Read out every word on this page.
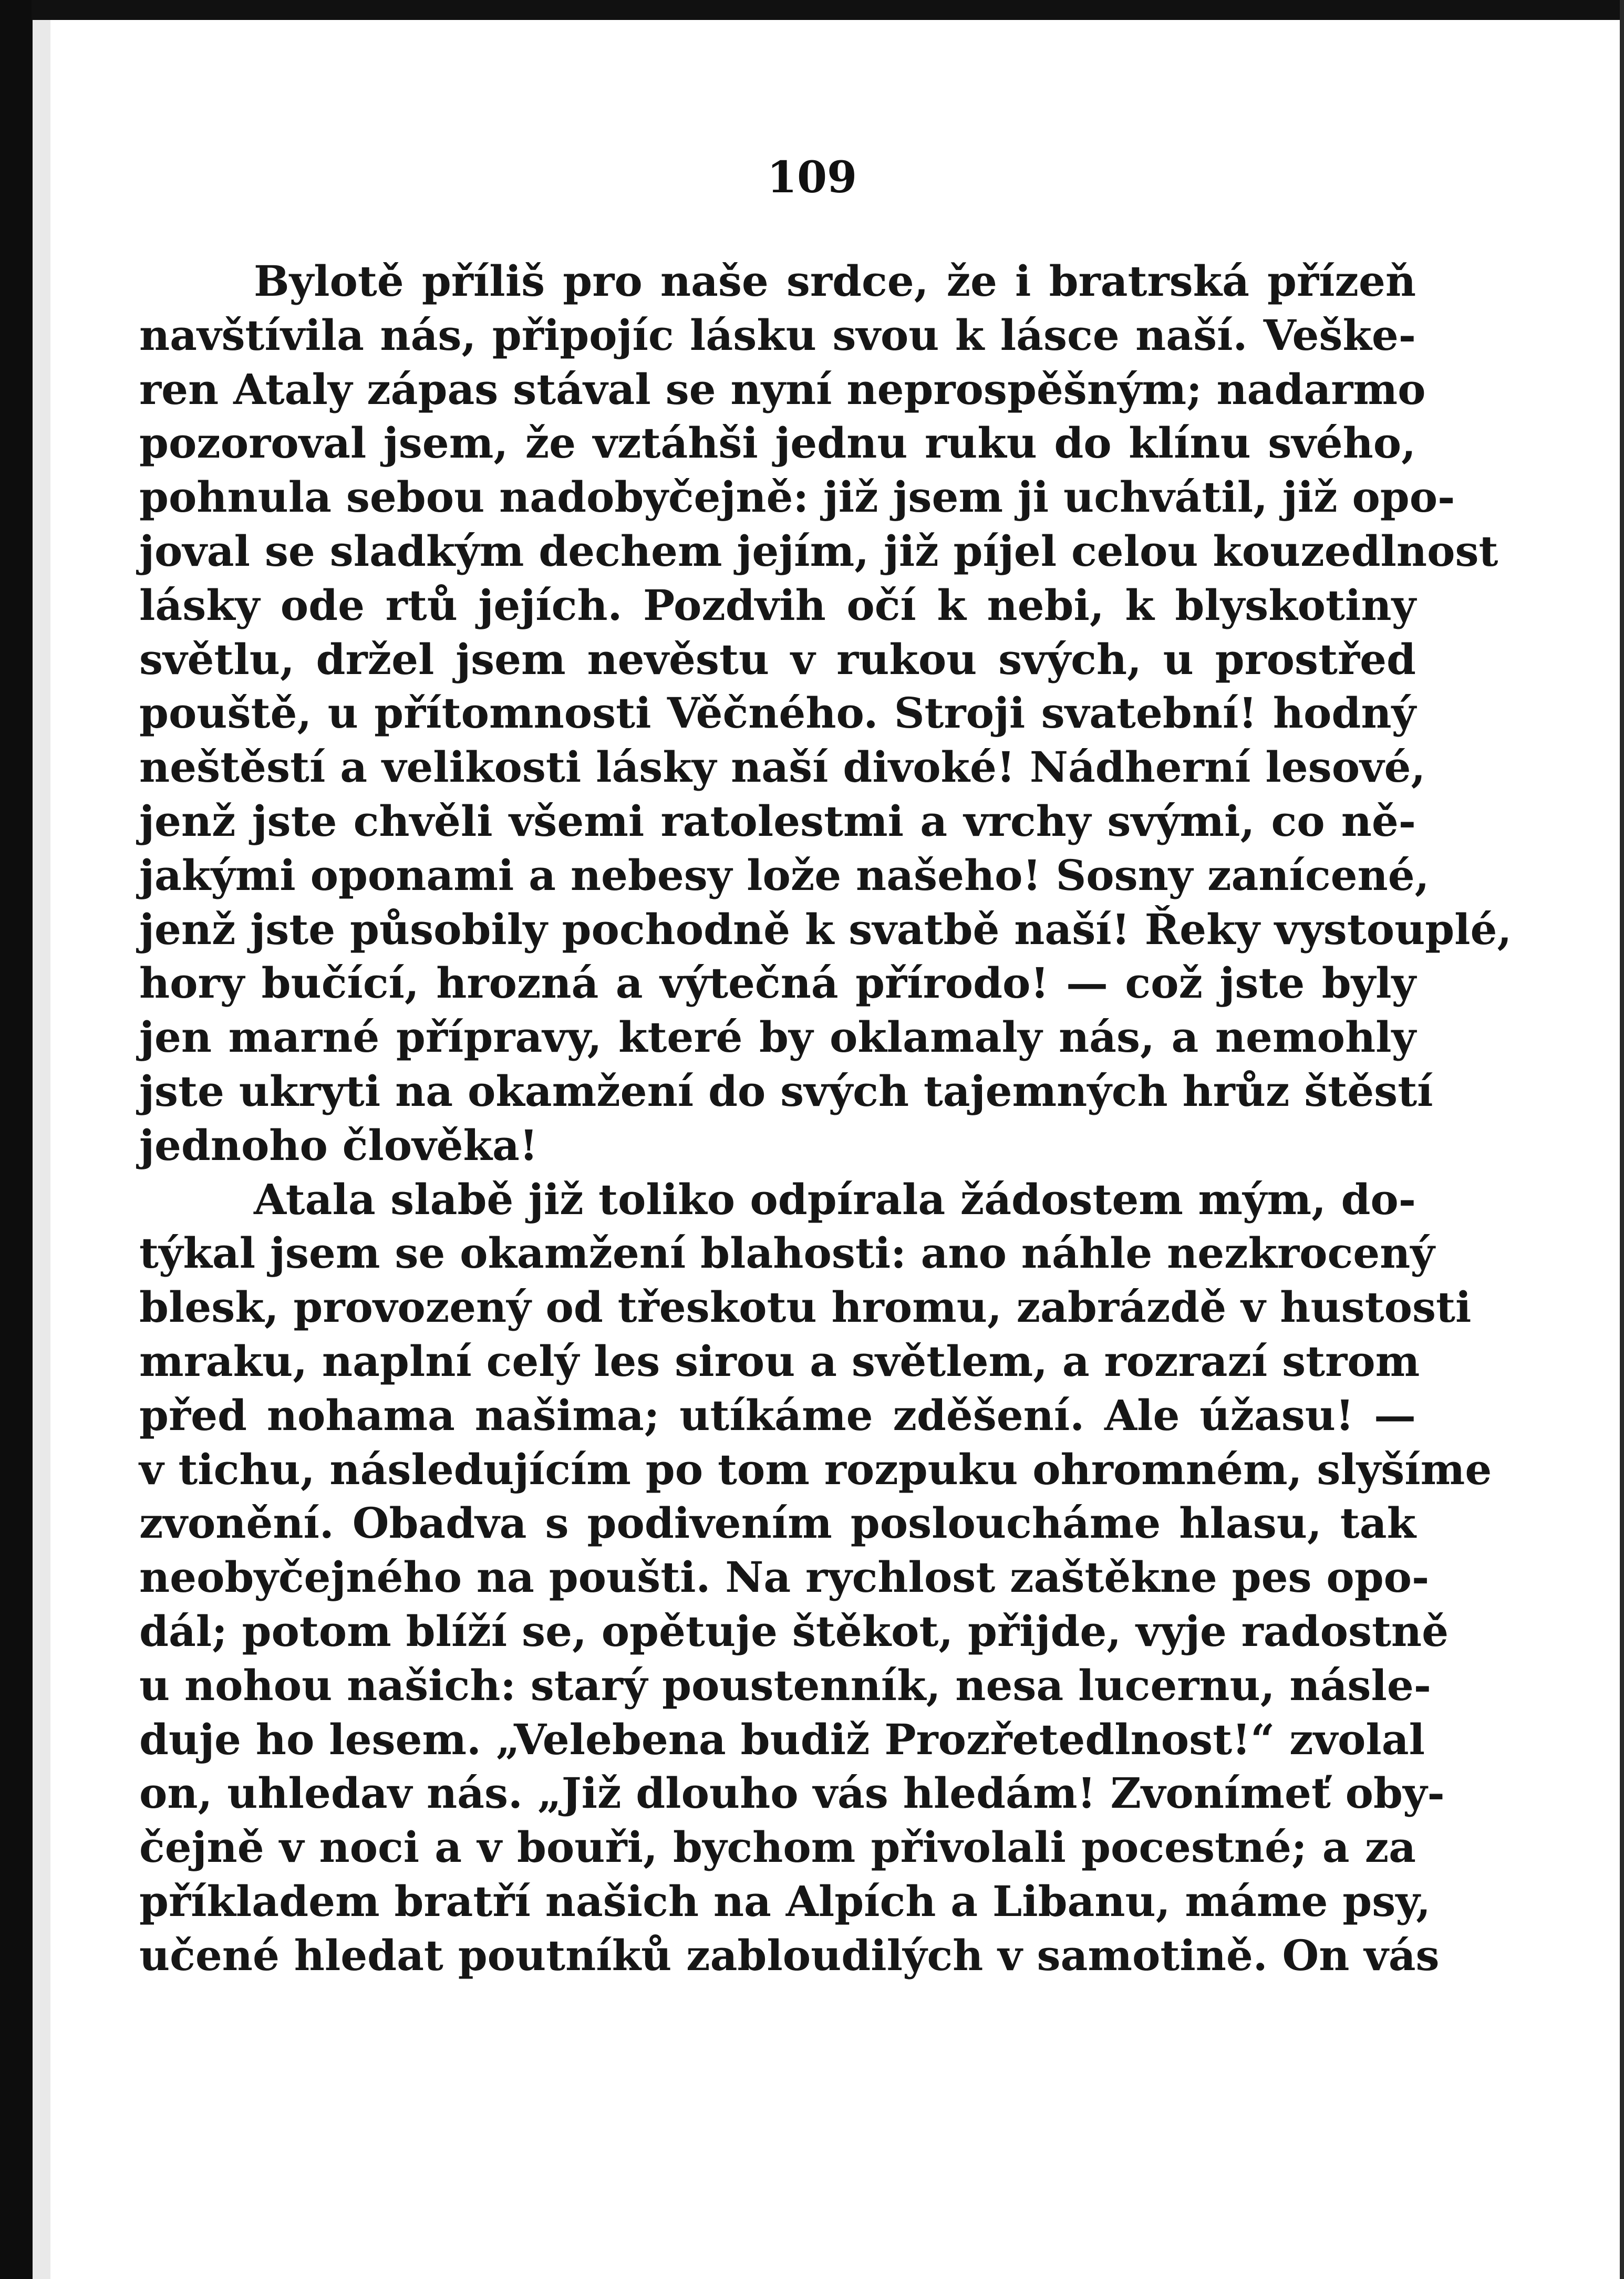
109
Bylotě příliš pro naše srdce, že i bratrská přízeň
navštívila nás, připojíc lásku svou k lásce naší. Veške-
ren Ataly zápas stával se nyní neprospěšným; nadarmo
pozoroval jsem, že vztáhši jednu ruku do klínu svého,
pohnula sebou nadobyčejně: již jsem ji uchvátil, již opo-
joval se sladkým dechem jejím, již píjel celou kouzedlnost
lásky ode rtů jejích. Pozdvih očí k nebi, k blyskotiny
světlu, držel jsem nevěstu v rukou svých, u prostřed
pouště, u přítomnosti Věčného. Stroji svatební! hodný
neštěstí a velikosti lásky naší divoké! Nádherní lesové,
jenž jste chvěli všemi ratolestmi a vrchy svými, co ně-
jakými oponami a nebesy lože našeho! Sosny zanícené,
jenž jste působily pochodně k svatbě naší! Řeky vystouplé,
hory bučící, hrozná a výtečná přírodo! — což jste byly
jen marné přípravy, které by oklamaly nás, a nemohly
jste ukryti na okamžení do svých tajemných hrůz štěstí
jednoho člověka!
Atala slabě již toliko odpírala žádostem mým, do-
týkal jsem se okamžení blahosti: ano náhle nezkrocený
blesk, provozený od třeskotu hromu, zabrázdě v hustosti
mraku, naplní celý les sirou a světlem, a rozrazí strom
před nohama našima; utíkáme zděšení. Ale úžasu! —
v tichu, následujícím po tom rozpuku ohromném, slyšíme
zvonění. Obadva s podivením posloucháme hlasu, tak
neobyčejného na poušti. Na rychlost zaštěkne pes opo-
dál; potom blíží se, opětuje štěkot, přijde, vyje radostně
u nohou našich: starý poustenník, nesa lucernu, násle-
duje ho lesem. „Velebena budiž Prozřetedlnost!“ zvolal
on, uhledav nás. „Již dlouho vás hledám! Zvonímeť oby-
čejně v noci a v bouři, bychom přivolali pocestné; a za
příkladem bratří našich na Alpích a Libanu, máme psy,
učené hledat poutníků zabloudilých v samotině. On vás
